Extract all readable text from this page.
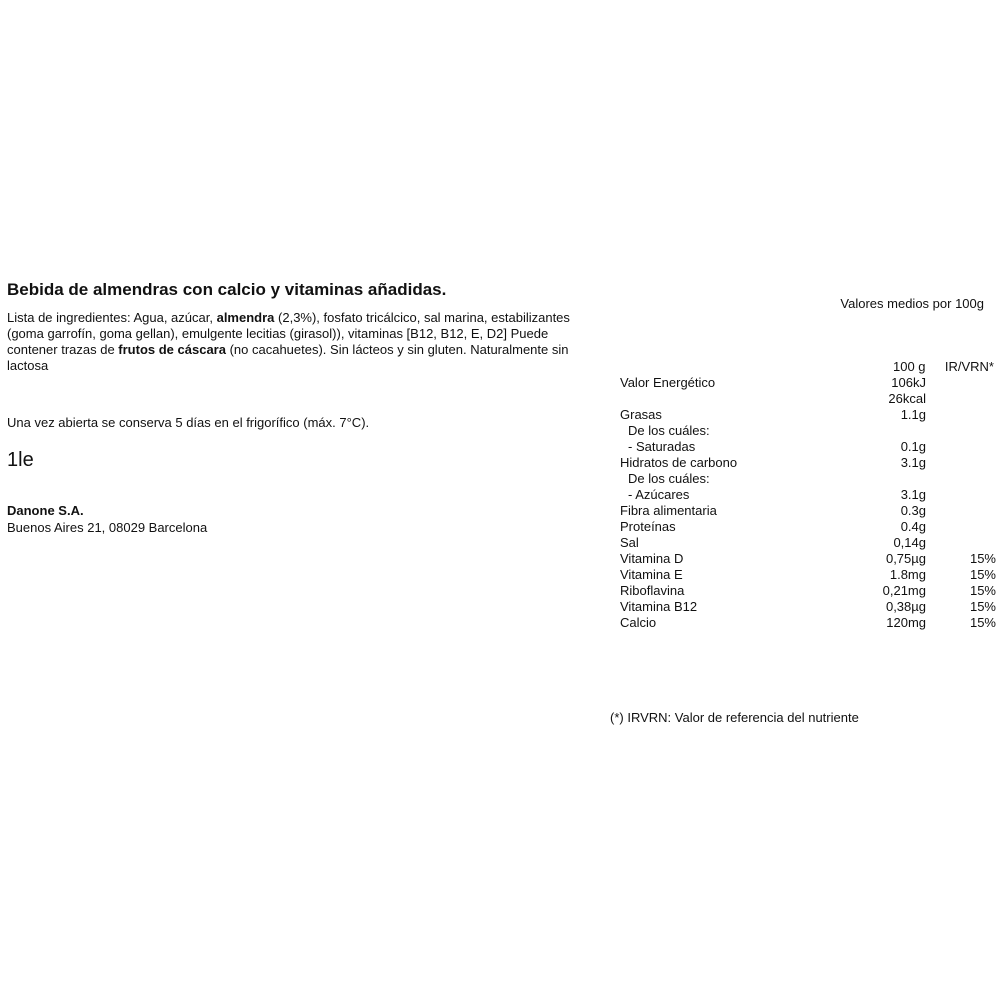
Bebida de almendras con calcio y vitaminas añadidas.
Valores medios por 100g

Lista de ingredientes: Agua, azúcar, almendra (2,3%), fosfato tricálcico, sal marina, estabilizantes (goma garrofín, goma gellan), emulgente lecitias (girasol)), vitaminas [B12, B12, E, D2] Puede contener trazas de frutos de cáscara (no cacahuetes). Sin lácteos y sin gluten. Naturalmente sin lactosa

Una vez abierta se conserva 5 días en el frigorífico (máx. 7°C).
1le
Danone S.A.
Buenos Aires 21, 08029 Barcelona
100 g IR/VRN*
Valor Energético	106kJ
26kcal
Grasas	1.1g
De los cuáles:
- Saturadas	0.1g
Hidratos de carbono	3.1g
De los cuáles:
- Azúcares	3.1g
Fibra alimentaria	0.3g
Proteínas	0.4g
Sal	0,14g
Vitamina D	0,75µg	15%
Vitamina E	1.8mg	15%
Riboflavina	0,21mg	15%
Vitamina B12	0,38µg	15%
Calcio	120mg	15%
(*) IRVRN: Valor de referencia del nutriente
